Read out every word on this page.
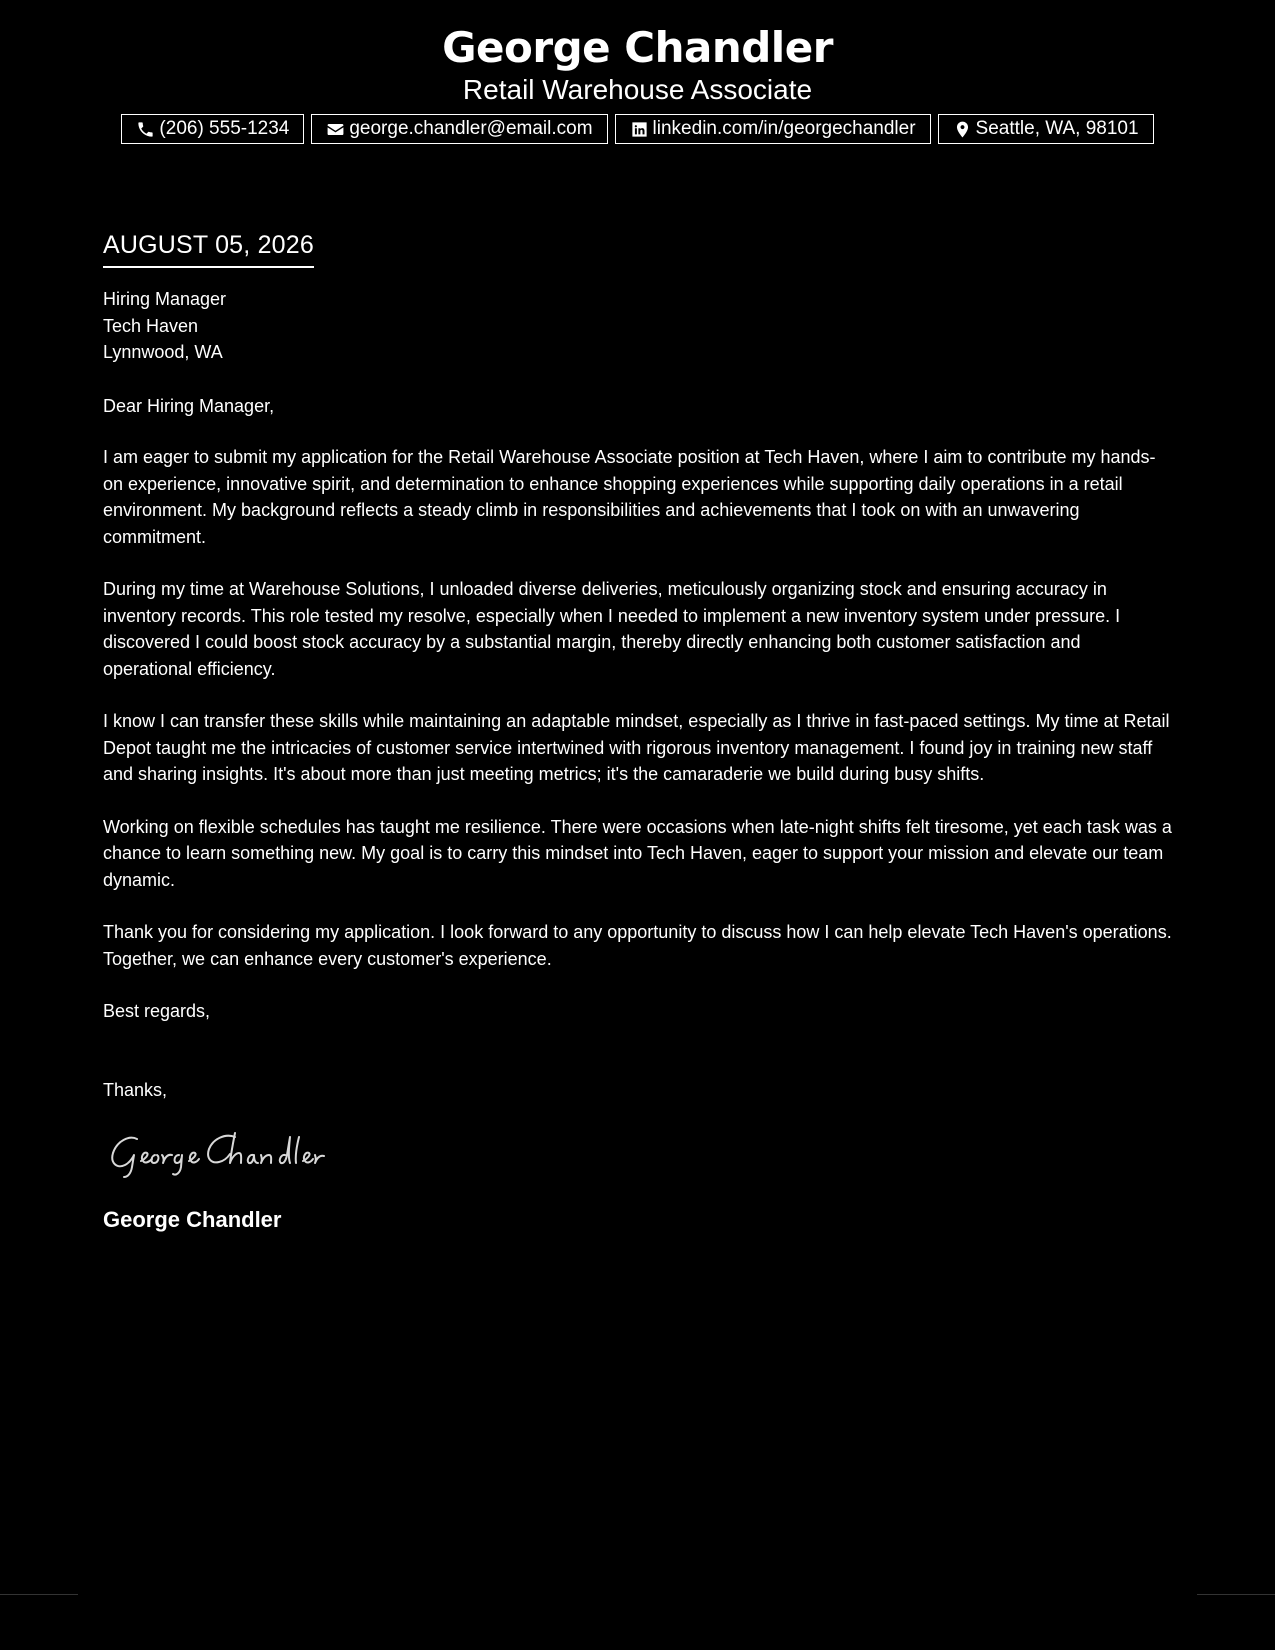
George Chandler
Retail Warehouse Associate
(206) 555-1234	george.chandler@email.com	linkedin.com/in/georgechandler	Seattle, WA, 98101
AUGUST 05, 2026
Hiring Manager
Tech Haven
Lynnwood, WA
Dear Hiring Manager,
I am eager to submit my application for the Retail Warehouse Associate position at Tech Haven, where I aim to contribute my hands-on experience, innovative spirit, and determination to enhance shopping experiences while supporting daily operations in a retail environment. My background reflects a steady climb in responsibilities and achievements that I took on with an unwavering commitment.
During my time at Warehouse Solutions, I unloaded diverse deliveries, meticulously organizing stock and ensuring accuracy in inventory records. This role tested my resolve, especially when I needed to implement a new inventory system under pressure. I discovered I could boost stock accuracy by a substantial margin, thereby directly enhancing both customer satisfaction and operational efficiency.
I know I can transfer these skills while maintaining an adaptable mindset, especially as I thrive in fast-paced settings. My time at Retail Depot taught me the intricacies of customer service intertwined with rigorous inventory management. I found joy in training new staff and sharing insights. It's about more than just meeting metrics; it's the camaraderie we build during busy shifts.
Working on flexible schedules has taught me resilience. There were occasions when late-night shifts felt tiresome, yet each task was a chance to learn something new. My goal is to carry this mindset into Tech Haven, eager to support your mission and elevate our team dynamic.
Thank you for considering my application. I look forward to any opportunity to discuss how I can help elevate Tech Haven's operations. Together, we can enhance every customer's experience.
Best regards,
Thanks,
George Chandler
